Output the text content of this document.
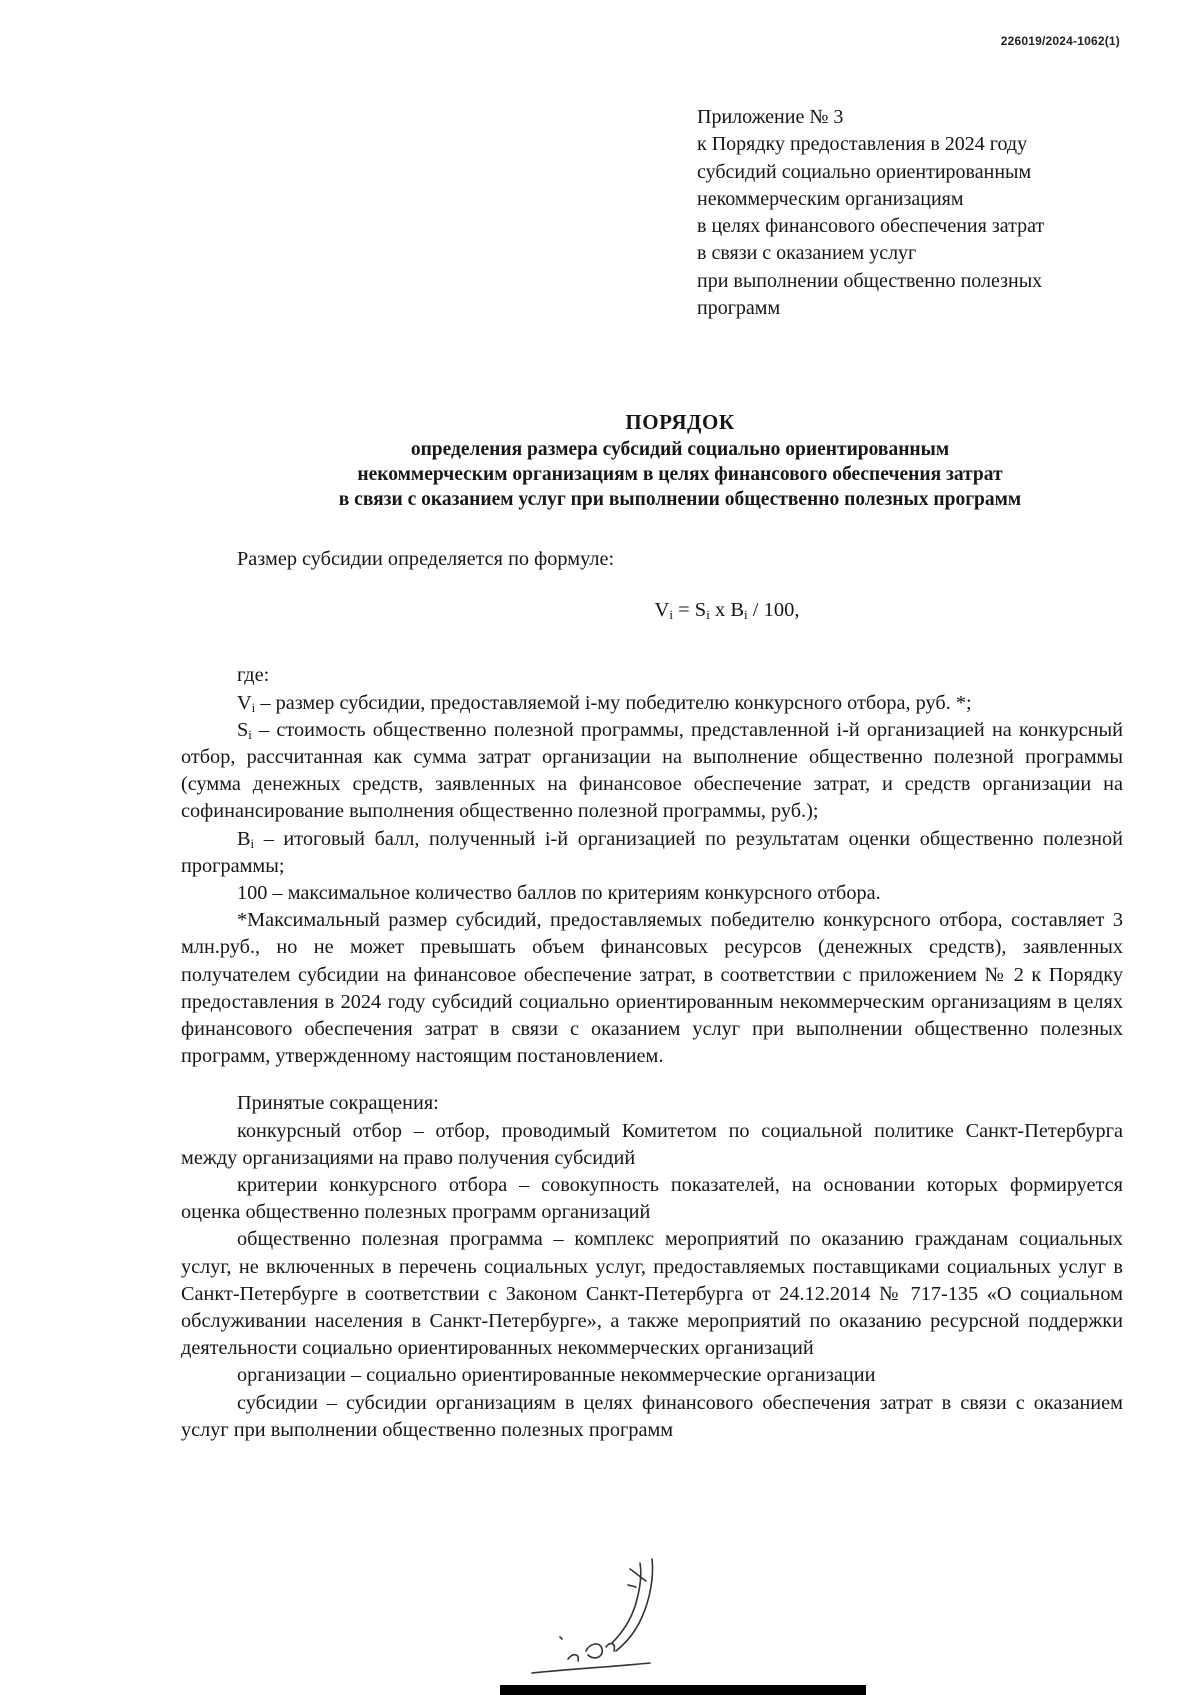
226019/2024-1062(1)
Приложение № 3
к Порядку предоставления в 2024 году
субсидий социально ориентированным
некоммерческим организациям
в целях финансового обеспечения затрат
в связи с оказанием услуг
при выполнении общественно полезных
программ
ПОРЯДОК
определения размера субсидий социально ориентированным
некоммерческим организациям в целях финансового обеспечения затрат
в связи с оказанием услуг при выполнении общественно полезных программ

Размер субсидии определяется по формуле:

$V_i = S_i$ x $B_i / 100$,

где:

$V_i$ – размер субсидии, предоставляемой i-му победителю конкурсного отбора, руб. *;

$S_i$ – стоимость общественно полезной программы, представленной i-й организацией на конкурсный отбор, рассчитанная как сумма затрат организации на выполнение общественно полезной программы (сумма денежных средств, заявленных на финансовое обеспечение затрат, и средств организации на софинансирование выполнения общественно полезной программы, руб.);

$B_i$ – итоговый балл, полученный i-й организацией по результатам оценки общественно полезной программы;

100 – максимальное количество баллов по критериям конкурсного отбора.

*Максимальный размер субсидий, предоставляемых победителю конкурсного отбора, составляет 3 млн.руб., но не может превышать объем финансовых ресурсов (денежных средств), заявленных получателем субсидии на финансовое обеспечение затрат, в соответствии с приложением № 2 к Порядку предоставления в 2024 году субсидий социально ориентированным некоммерческим организациям в целях финансового обеспечения затрат в связи с оказанием услуг при выполнении общественно полезных программ, утвержденному настоящим постановлением.

Принятые сокращения:

конкурсный отбор – отбор, проводимый Комитетом по социальной политике Санкт-Петербурга между организациями на право получения субсидий

критерии конкурсного отбора – совокупность показателей, на основании которых формируется оценка общественно полезных программ организаций

общественно полезная программа – комплекс мероприятий по оказанию гражданам социальных услуг, не включенных в перечень социальных услуг, предоставляемых поставщиками социальных услуг в Санкт-Петербурге в соответствии с Законом Санкт-Петербурга от 24.12.2014 № 717-135 «О социальном обслуживании населения в Санкт-Петербурге», а также мероприятий по оказанию ресурсной поддержки деятельности социально ориентированных некоммерческих организаций

организации – социально ориентированные некоммерческие организации

субсидии – субсидии организациям в целях финансового обеспечения затрат в связи с оказанием услуг при выполнении общественно полезных программ
